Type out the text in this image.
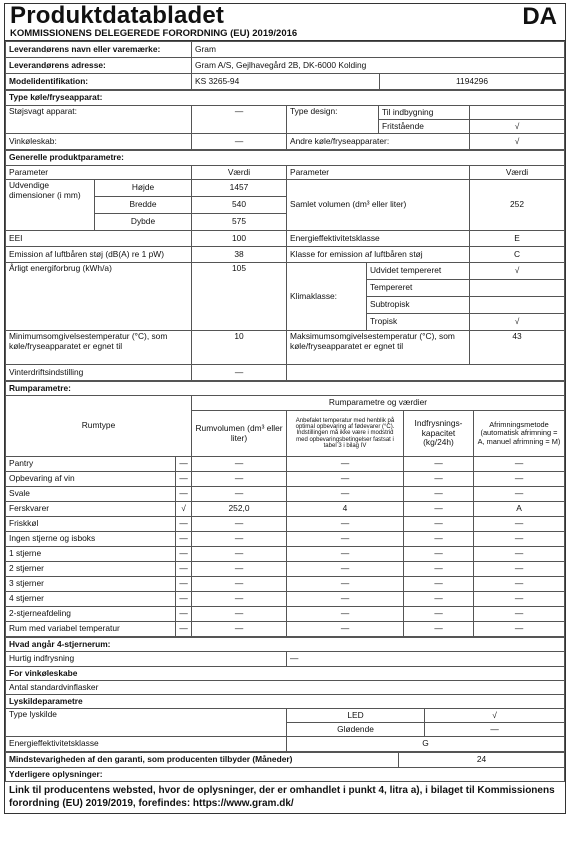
Produktdatabladet	DA
KOMMISSIONENS DELEGEREDE FORORDNING (EU) 2019/2016
Leverandørens navn eller varemærke:	Gram	
Leverandørens adresse:	Gram A/S, Gejlhavegård 2B, DK-6000 Kolding	
Modelidentifikation:	KS 3265-94	1194296
Type køle/fryseapparat:				
Støjsvagt apparat:	—	Type design:	Til indbygning	
			Fritstående	√
Vinkøleskab:	—	Andre køle/fryseapparater:		√
Generelle produktparametre:					
Parameter		Værdi	Parameter		Værdi
Udvendige dimensioner (i mm)	Højde	1457	Samlet volumen (dm³ eller liter)		252
	Bredde	540			
	Dybde	575			
EEI		100	Energieffektivitetsklasse		E
Emission af luftbåren støj (dB(A) re 1 pW)		38	Klasse for emission af luftbåren støj		C
Årligt energiforbrug (kWh/a)		105	Klimaklasse:	Udvidet tempereret	√
				Tempereret	
				Subtropisk	
				Tropisk	√
Minimumsomgivelsestemperatur (°C), som køle/fryseapparatet er egnet til		10	Maksimumsomgivelsestemperatur (°C), som køle/fryseapparatet er egnet til		43
Vinterdriftsindstilling		—			
Rumparametre:					
Rumtype		Rumparametre og værdier			
		Rumvolumen (dm³ eller liter)	Anbefalet temperatur med henblik på optimal opbevaring af fødevarer (°C). Indstillingen må ikke være i modstrid med opbevaringsbetingelser fastsat i tabel 3 i bilag IV	Indfrysningskapacitet (kg/24h)	Afrimningsmetode (automatisk afrimning = A, manuel afrimning = M)
Pantry	—	—	—	—	—
Opbevaring af vin	—	—	—	—	—
Svale	—	—	—	—	—
Ferskvarer	√	252,0	4	—	A
Friskkøl	—	—	—	—	—
Ingen stjerne og isboks	—	—	—	—	—
1 stjerne	—	—	—	—	—
2 stjerner	—	—	—	—	—
3 stjerner	—	—	—	—	—
4 stjerner	—	—	—	—	—
2-stjerneafdeling	—	—	—	—	—
Rum med variabel temperatur	—	—	—	—	—
Hvad angår 4-stjernerum:		
Hurtig indfrysning	—	
For vinkøleskabe		
Antal standardvinflasker		
Lyskildeparametre		
Type lyskilde	LED	√
	Glødende	—
Energieffektivitetsklasse	G	
Mindstevarigheden af den garanti, som producenten tilbyder (Måneder)	24
Yderligere oplysninger:
Link til producentens websted, hvor de oplysninger, der er omhandlet i punkt 4, litra a), i bilaget til Kommissionens forordning (EU) 2019/2019, forefindes: https://www.gram.dk/
